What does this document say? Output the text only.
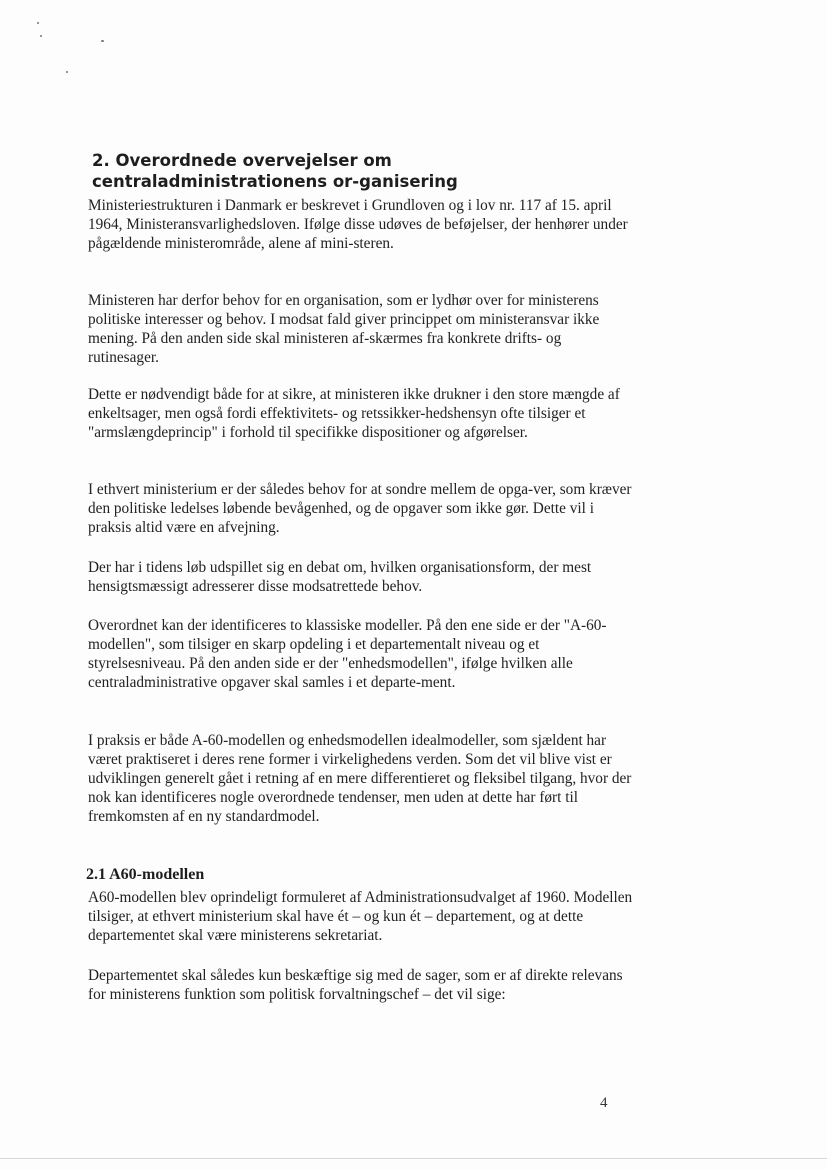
2. Overordnede overvejelser om centraladministrationens or-ganisering

Ministeriestrukturen i Danmark er beskrevet i Grundloven og i lov nr. 117 af 15. april 1964, Ministeransvarlighedsloven. Ifølge disse udøves de beføjelser, der henhører under pågældende ministerområde, alene af mini-steren.

Ministeren har derfor behov for en organisation, som er lydhør over for ministerens politiske interesser og behov. I modsat fald giver princippet om ministeransvar ikke mening. På den anden side skal ministeren af-skærmes fra konkrete drifts- og rutinesager.

Dette er nødvendigt både for at sikre, at ministeren ikke drukner i den store mængde af enkeltsager, men også fordi effektivitets- og retssikker-hedshensyn ofte tilsiger et "armslængdeprincip" i forhold til specifikke dispositioner og afgørelser.

I ethvert ministerium er der således behov for at sondre mellem de opga-ver, som kræver den politiske ledelses løbende bevågenhed, og de opgaver som ikke gør. Dette vil i praksis altid være en afvejning.

Der har i tidens løb udspillet sig en debat om, hvilken organisationsform, der mest hensigtsmæssigt adresserer disse modsatrettede behov.

Overordnet kan der identificeres to klassiske modeller. På den ene side er der "A-60-modellen", som tilsiger en skarp opdeling i et departementalt niveau og et styrelsesniveau. På den anden side er der "enhedsmodellen", ifølge hvilken alle centraladministrative opgaver skal samles i et departe-ment.

I praksis er både A-60-modellen og enhedsmodellen idealmodeller, som sjældent har været praktiseret i deres rene former i virkelighedens verden. Som det vil blive vist er udviklingen generelt gået i retning af en mere differentieret og fleksibel tilgang, hvor der nok kan identificeres nogle overordnede tendenser, men uden at dette har ført til fremkomsten af en ny standardmodel.

2.1 A60-modellen

A60-modellen blev oprindeligt formuleret af Administrationsudvalget af 1960. Modellen tilsiger, at ethvert ministerium skal have ét – og kun ét – departement, og at dette departementet skal være ministerens sekretariat.

Departementet skal således kun beskæftige sig med de sager, som er af direkte relevans for ministerens funktion som politisk forvaltningschef – det vil sige:

4
